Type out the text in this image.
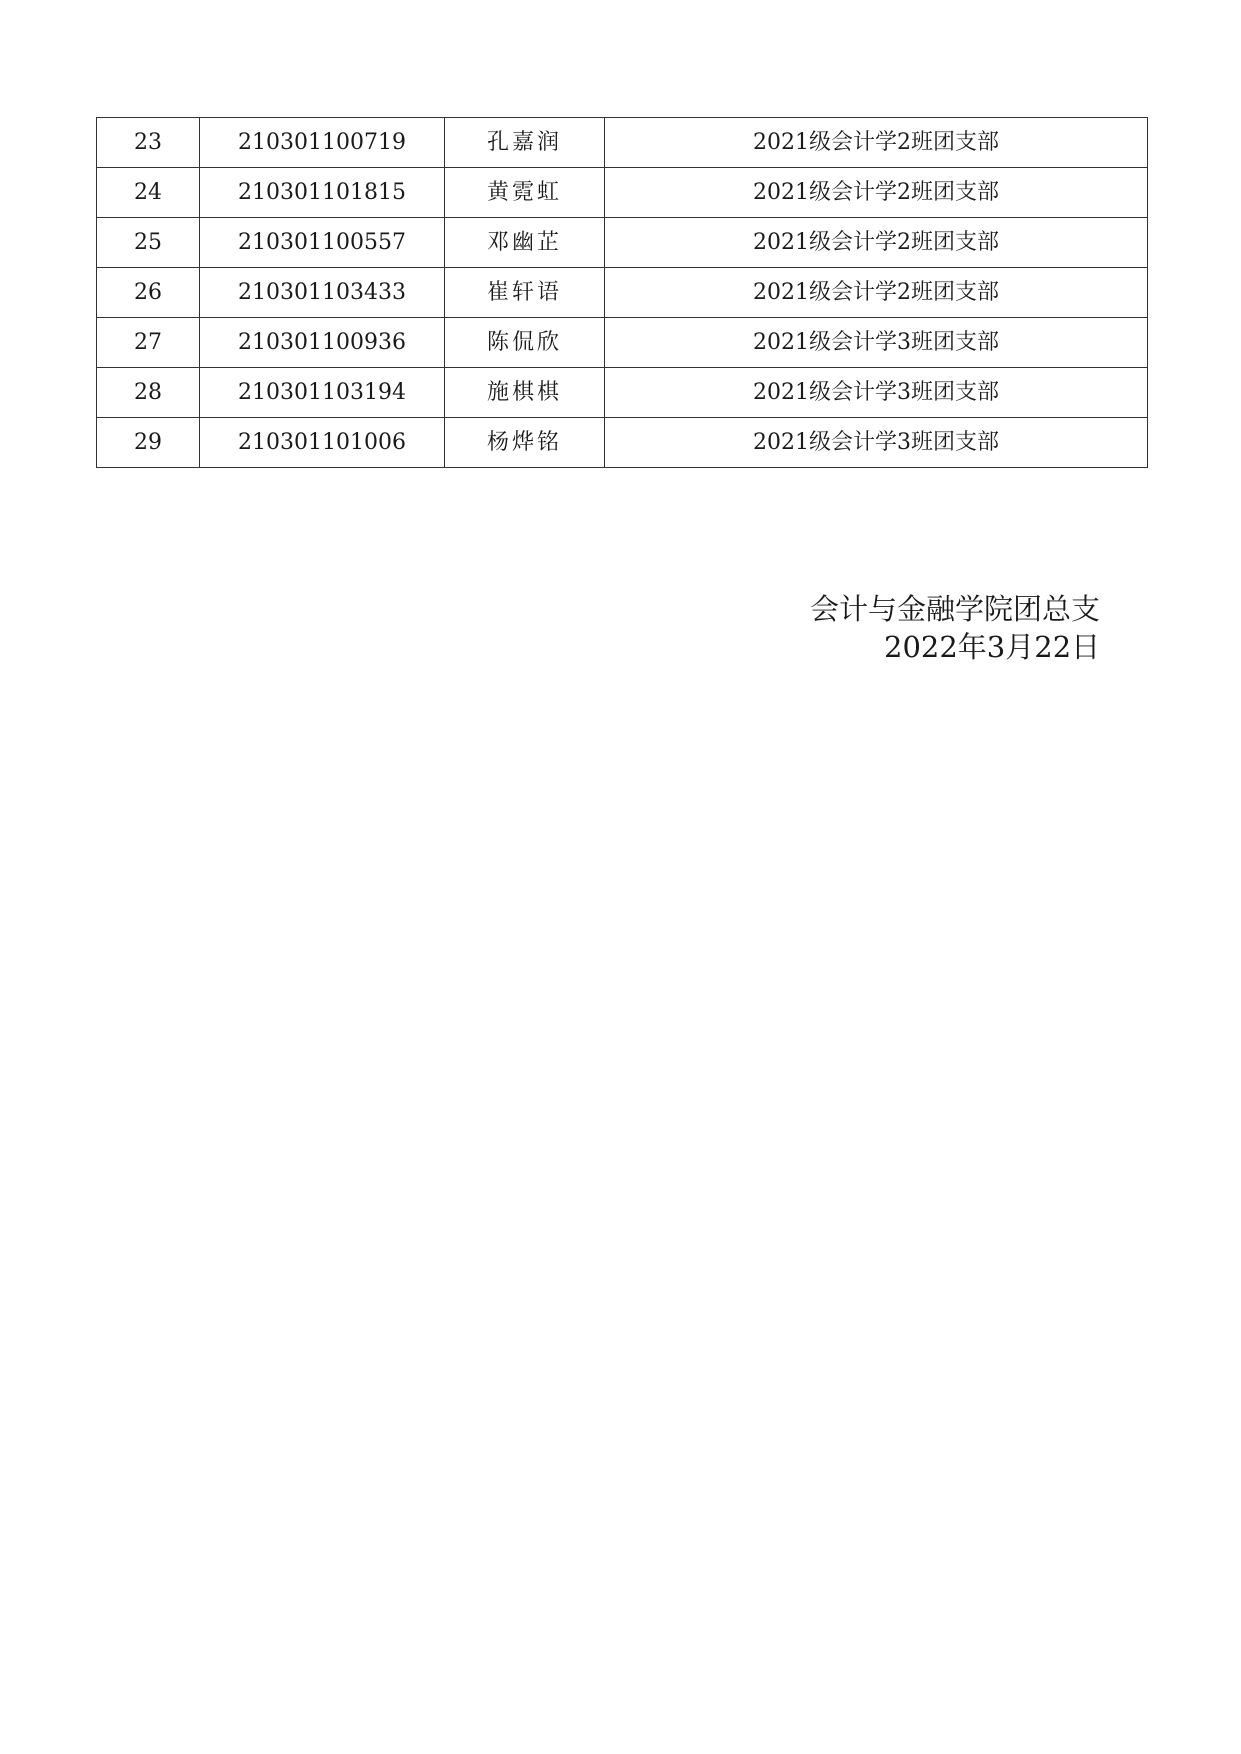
23	210301100719	孔嘉润	2021级会计学2班团支部
24	210301101815	黄霓虹	2021级会计学2班团支部
25	210301100557	邓幽芷	2021级会计学2班团支部
26	210301103433	崔轩语	2021级会计学2班团支部
27	210301100936	陈侃欣	2021级会计学3班团支部
28	210301103194	施棋棋	2021级会计学3班团支部
29	210301101006	杨烨铭	2021级会计学3班团支部
会计与金融学院团总支
2022年3月22日
